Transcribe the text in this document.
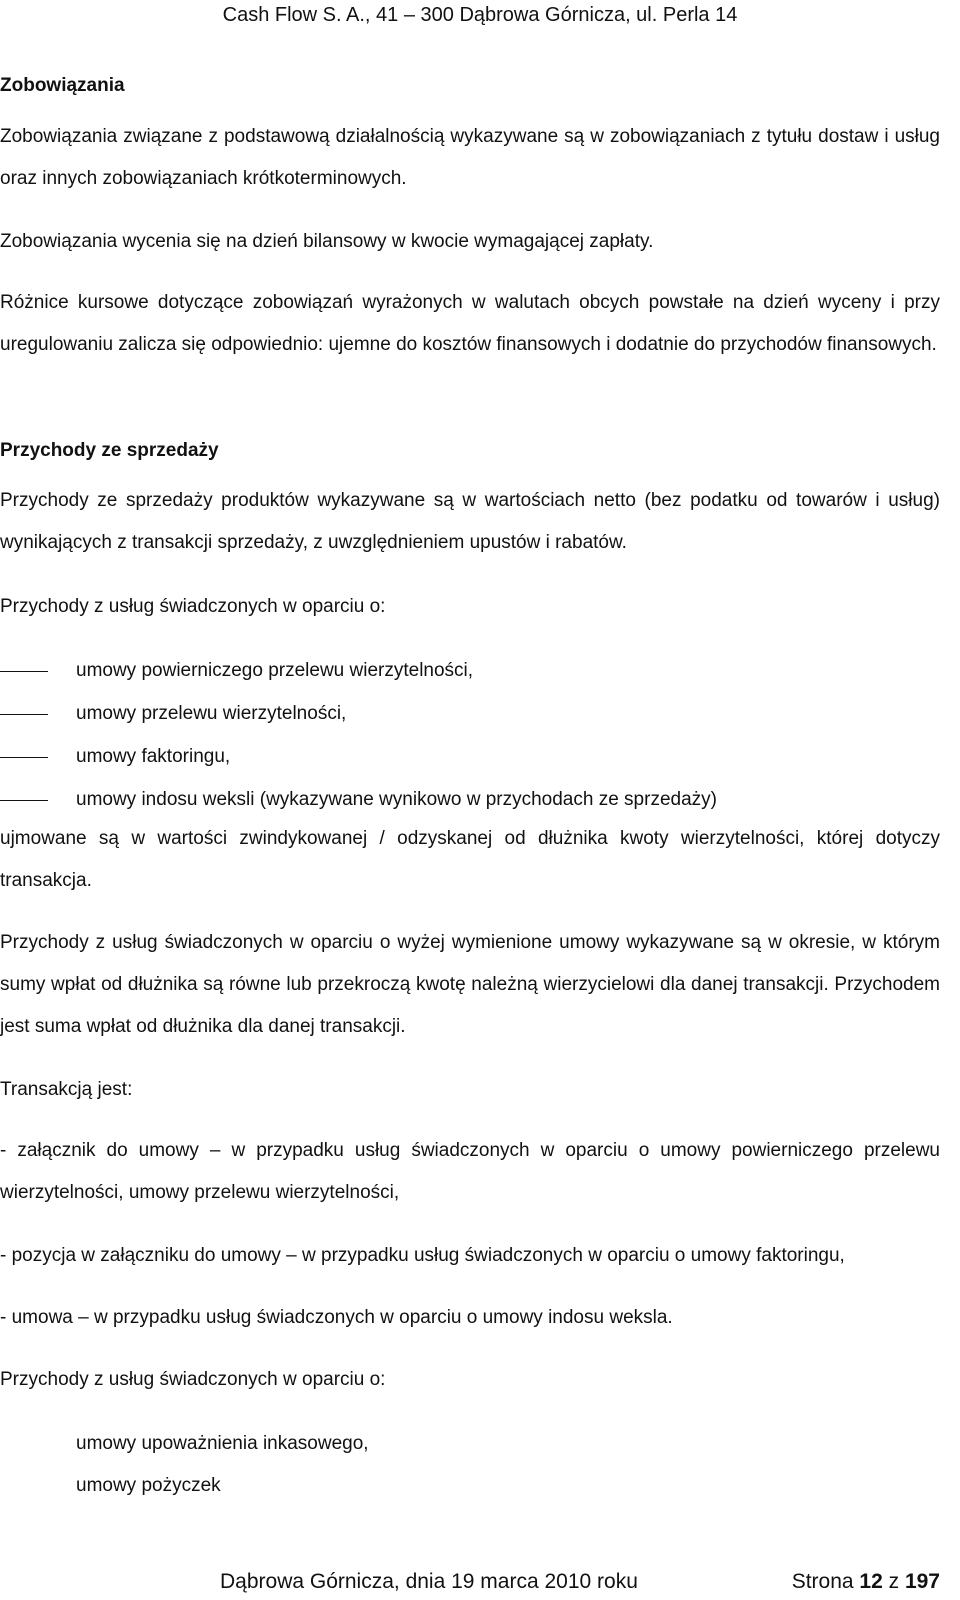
Cash Flow S. A., 41 – 300 Dąbrowa Górnicza, ul. Perla 14
Zobowiązania
Zobowiązania związane z podstawową działalnością wykazywane są w zobowiązaniach z tytułu dostaw i usług oraz innych zobowiązaniach krótkoterminowych.
Zobowiązania wycenia się na dzień bilansowy w kwocie wymagającej zapłaty.
Różnice kursowe dotyczące zobowiązań wyrażonych w walutach obcych powstałe na dzień wyceny i przy uregulowaniu zalicza się odpowiednio: ujemne do kosztów finansowych i dodatnie do przychodów finansowych.
Przychody ze sprzedaży
Przychody ze sprzedaży produktów wykazywane są w wartościach netto (bez podatku od towarów i usług) wynikających z transakcji sprzedaży, z uwzględnieniem upustów i rabatów.
Przychody z usług świadczonych w oparciu o:
umowy powierniczego przelewu wierzytelności,
umowy przelewu wierzytelności,
umowy faktoringu,
umowy indosu weksli (wykazywane wynikowo w przychodach ze sprzedaży)
ujmowane są w wartości zwindykowanej / odzyskanej od dłużnika kwoty wierzytelności, której dotyczy transakcja.
Przychody z usług świadczonych w oparciu o wyżej wymienione umowy wykazywane są w okresie, w którym sumy wpłat od dłużnika są równe lub przekroczą kwotę należną wierzycielowi dla danej transakcji. Przychodem jest suma wpłat od dłużnika dla danej transakcji.
Transakcją jest:
- załącznik do umowy – w przypadku usług świadczonych w oparciu o umowy powierniczego przelewu wierzytelności, umowy przelewu wierzytelności,
- pozycja w załączniku do umowy – w przypadku usług świadczonych w oparciu o umowy faktoringu,
- umowa – w przypadku usług świadczonych w oparciu o umowy indosu weksla.
Przychody z usług świadczonych w oparciu o:
umowy upoważnienia inkasowego,
umowy pożyczek
Dąbrowa Górnicza, dnia 19 marca 2010 roku	Strona 12 z 197
